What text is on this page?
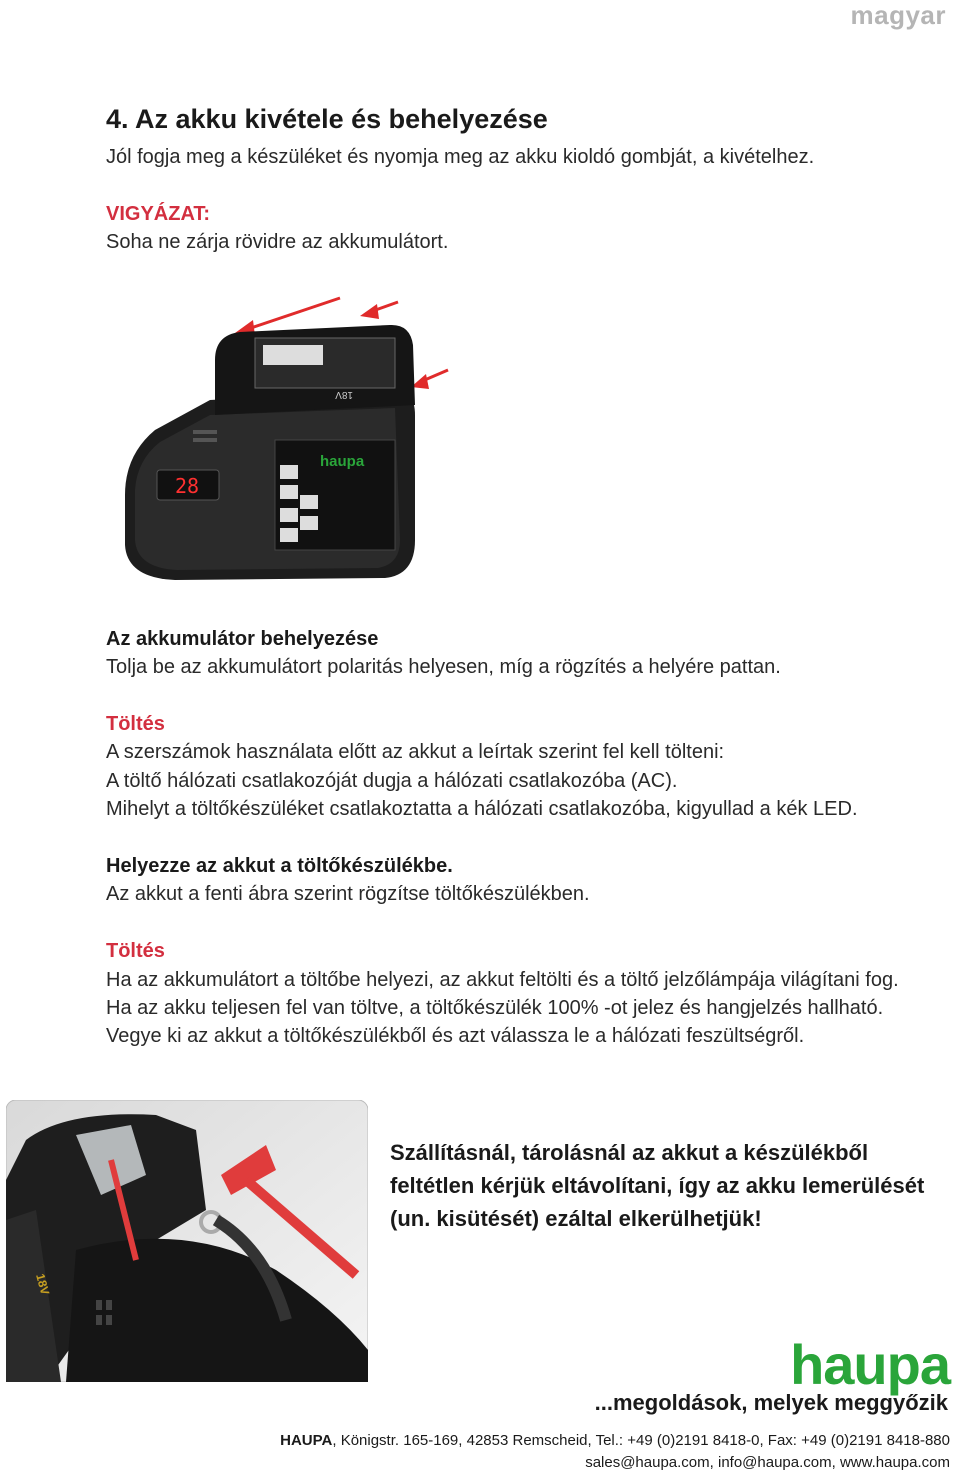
magyar
4. Az akku kivétele és behelyezése
Jól fogja meg a készüléket és nyomja meg az akku kioldó gombját, a kivételhez.
VIGYÁZAT:
Soha ne zárja rövidre az akkumulátort.
28
haupa
18V
Az akkumulátor behelyezése
Tolja be az akkumulátort polaritás helyesen, míg a rögzítés a helyére pattan.
Töltés
A szerszámok használata előtt az akkut a leírtak szerint fel kell tölteni:
A töltő hálózati csatlakozóját dugja a hálózati csatlakozóba (AC).
Mihelyt a töltőkészüléket csatlakoztatta a hálózati csatlakozóba, kigyullad a kék LED.
Helyezze az akkut a töltőkészülékbe.
Az akkut a fenti ábra szerint rögzítse töltőkészülékben.
Töltés
Ha az akkumulátort a töltőbe helyezi, az akkut feltölti és a töltő jelzőlámpája világítani fog.
Ha az akku teljesen fel van töltve, a töltőkészülék 100% -ot jelez és hangjelzés hallható.
Vegye ki az akkut a töltőkészülékből és azt válassza le a hálózati feszültségről.
18V
Szállításnál, tárolásnál az akkut a készülékből feltétlen kérjük eltávolítani, így az akku lemerülését (un. kisütését) ezáltal elkerülhetjük!
haupa
...megoldások, melyek meggyőzik
HAUPA, Königstr. 165-169, 42853 Remscheid, Tel.: +49 (0)2191 8418-0, Fax: +49 (0)2191 8418-880
sales@haupa.com, info@haupa.com, www.haupa.com
